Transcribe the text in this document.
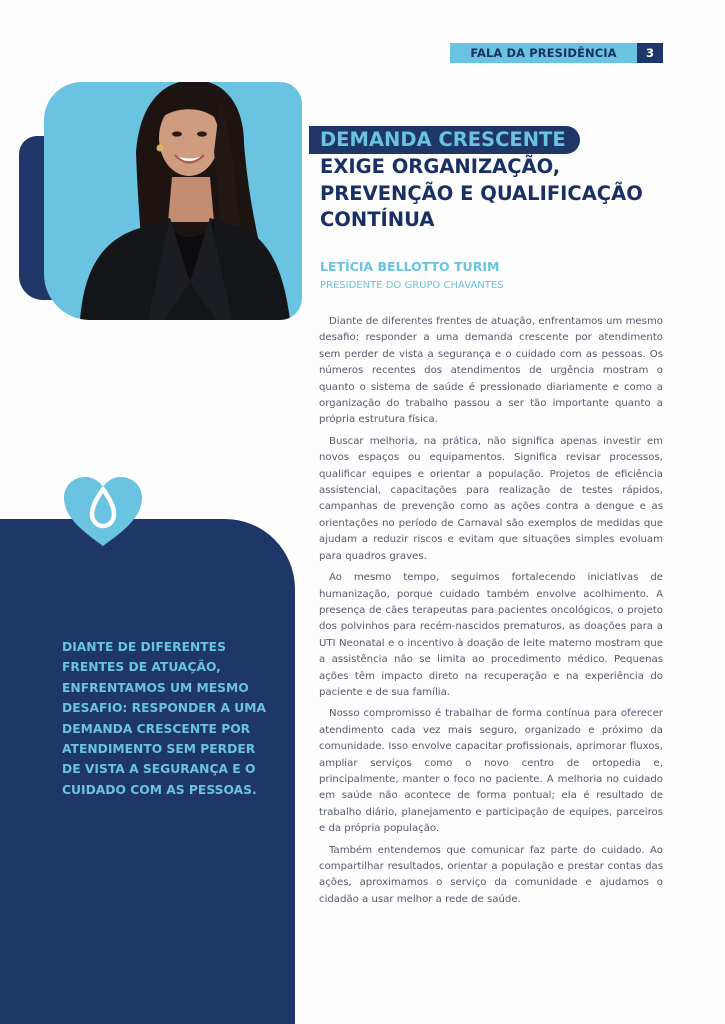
FALA DA PRESIDÊNCIA	3
DEMANDA CRESCENTE
EXIGE ORGANIZAÇÃO,
PREVENÇÃO E QUALIFICAÇÃO
CONTÍNUA
LETÍCIA BELLOTTO TURIM
PRESIDENTE DO GRUPO CHAVANTES

Diante de diferentes frentes de atuação, enfrentamos um mesmo desafio: responder a uma demanda crescente por atendimento sem perder de vista a segurança e o cuidado com as pessoas. Os números recentes dos atendimentos de urgência mostram o quanto o sistema de saúde é pressionado diariamente e como a organização do trabalho passou a ser tão importante quanto a própria estrutura física.

Buscar melhoria, na prática, não significa apenas investir em novos espaços ou equipamentos. Significa revisar processos, qualificar equipes e orientar a população. Projetos de eficiência assistencial, capacitações para realização de testes rápidos, campanhas de prevenção como as ações contra a dengue e as orientações no período de Carnaval são exemplos de medidas que ajudam a reduzir riscos e evitam que situações simples evoluam para quadros graves.

Ao mesmo tempo, seguimos fortalecendo iniciativas de humanização, porque cuidado também envolve acolhimento. A presença de cães terapeutas para pacientes oncológicos, o projeto dos polvinhos para recém-nascidos prematuros, as doações para a UTI Neonatal e o incentivo à doação de leite materno mostram que a assistência não se limita ao procedimento médico. Pequenas ações têm impacto direto na recuperação e na experiência do paciente e de sua família.

Nosso compromisso é trabalhar de forma contínua para oferecer atendimento cada vez mais seguro, organizado e próximo da comunidade. Isso envolve capacitar profissionais, aprimorar fluxos, ampliar serviços como o novo centro de ortopedia e, principalmente, manter o foco no paciente. A melhoria no cuidado em saúde não acontece de forma pontual; ela é resultado de trabalho diário, planejamento e participação de equipes, parceiros e da própria população.

Também entendemos que comunicar faz parte do cuidado. Ao compartilhar resultados, orientar a população e prestar contas das ações, aproximamos o serviço da comunidade e ajudamos o cidadão a usar melhor a rede de saúde.

DIANTE DE DIFERENTES
FRENTES DE ATUAÇÃO,
ENFRENTAMOS UM MESMO
DESAFIO: RESPONDER A UMA
DEMANDA CRESCENTE POR
ATENDIMENTO SEM PERDER
DE VISTA A SEGURANÇA E O
CUIDADO COM AS PESSOAS.
